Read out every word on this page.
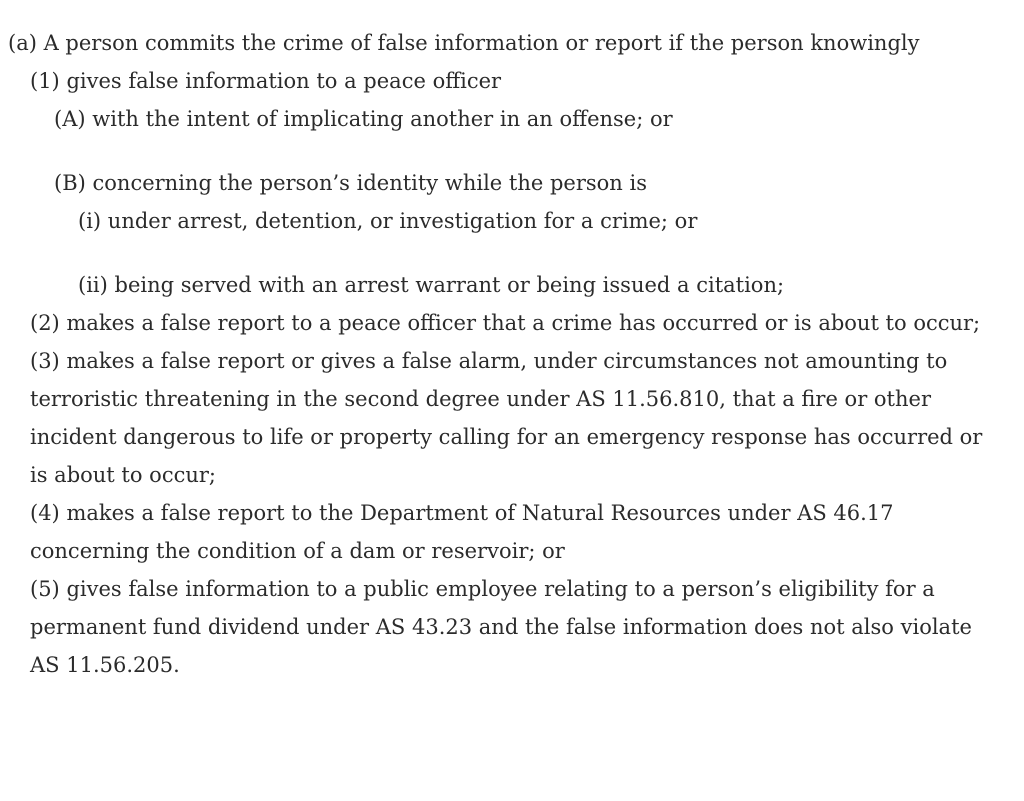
(a) A person commits the crime of false information or report if the person knowingly

(1) gives false information to a peace officer

(A) with the intent of implicating another in an offense; or

(B) concerning the person’s identity while the person is

(i) under arrest, detention, or investigation for a crime; or

(ii) being served with an arrest warrant or being issued a citation;

(2) makes a false report to a peace officer that a crime has occurred or is about to occur;

(3) makes a false report or gives a false alarm, under circumstances not amounting to terroristic threatening in the second degree under AS 11.56.810, that a fire or other incident dangerous to life or property calling for an emergency response has occurred or is about to occur;

(4) makes a false report to the Department of Natural Resources under AS 46.17 concerning the condition of a dam or reservoir; or

(5) gives false information to a public employee relating to a person’s eligibility for a permanent fund dividend under AS 43.23 and the false information does not also violate AS 11.56.205.
